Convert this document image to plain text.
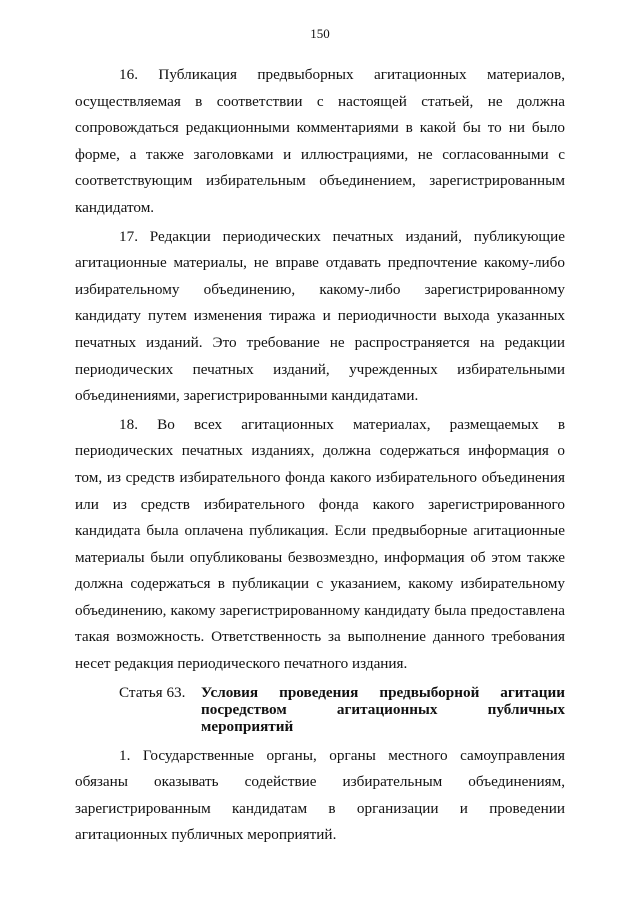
150

16. Публикация предвыборных агитационных материалов, осуществляемая в соответствии с настоящей статьей, не должна сопровождаться редакционными комментариями в какой бы то ни было форме, а также заголовками и иллюстрациями, не согласованными с соответствующим избирательным объединением, зарегистрированным кандидатом.

17. Редакции периодических печатных изданий, публикующие агитационные материалы, не вправе отдавать предпочтение какому-либо избирательному объединению, какому-либо зарегистрированному кандидату путем изменения тиража и периодичности выхода указанных печатных изданий. Это требование не распространяется на редакции периодических печатных изданий, учрежденных избирательными объединениями, зарегистрированными кандидатами.

18. Во всех агитационных материалах, размещаемых в периодических печатных изданиях, должна содержаться информация о том, из средств избирательного фонда какого избирательного объединения или из средств избирательного фонда какого зарегистрированного кандидата была оплачена публикация. Если предвыборные агитационные материалы были опубликованы безвозмездно, информация об этом также должна содержаться в публикации с указанием, какому избирательному объединению, какому зарегистрированному кандидату была предоставлена такая возможность. Ответственность за выполнение данного требования несет редакция периодического печатного издания.

Статья 63. Условия проведения предвыборной агитации посредством агитационных публичных мероприятий

1. Государственные органы, органы местного самоуправления обязаны оказывать содействие избирательным объединениям, зарегистрированным кандидатам в организации и проведении агитационных публичных мероприятий.
